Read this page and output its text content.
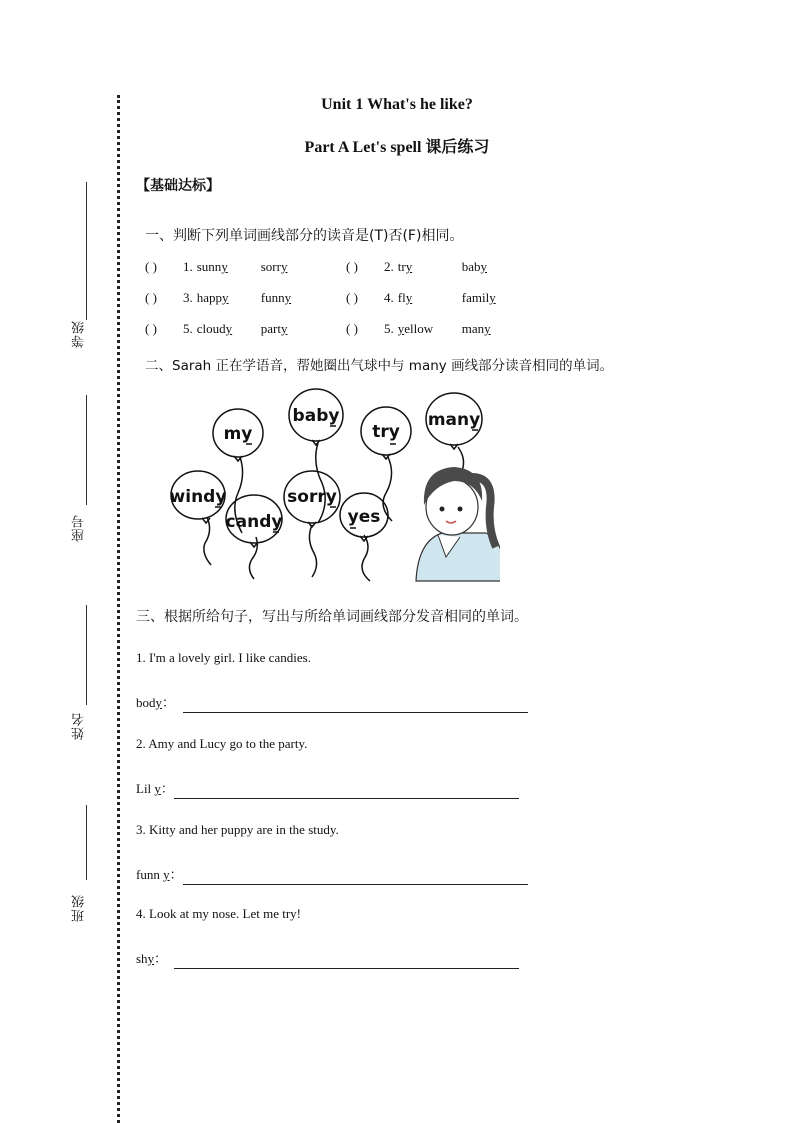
等级
座号
姓名
班级
Unit 1 What's he like?
Part A Let's spell 课后练习
【基础达标】
一、判断下列单词画线部分的读音是(T)否(F)相同。
( ) 1. sunny	sorry	( ) 2. try	baby
( ) 3. happy funny	( ) 4. fly	family
( ) 5. cloudy party	( ) 5. yellow many
二、Sarah 正在学语音，帮她圈出气球中与 many 画线部分读音相同的单词。
my
baby
try
many
windy	sorry
candy	yes
三、根据所给句子，写出与所给单词画线部分发音相同的单词。
1. I'm a lovely girl. I like candies.
body：
2. Amy and Lucy go to the party.
Lil y：
3. Kitty and her puppy are in the study.
funn y：
4. Look at my nose. Let me try!
shy：
